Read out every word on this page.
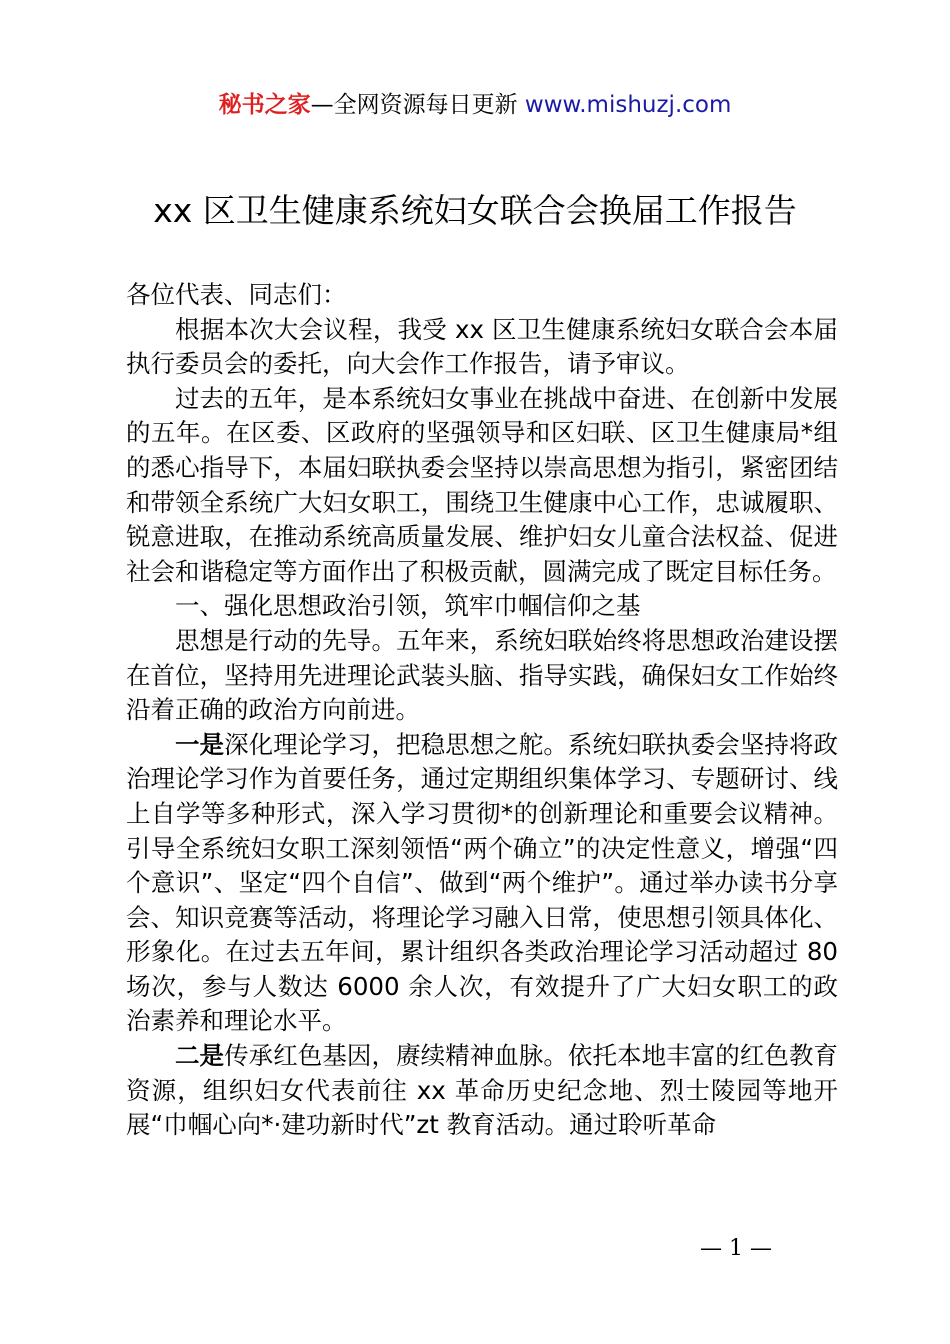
秘书之家—全网资源每日更新 www.mishuzj.com
xx 区卫生健康系统妇女联合会换届工作报告

各位代表、同志们：

根据本次大会议程，我受 xx 区卫生健康系统妇女联合会本届执行委员会的委托，向大会作工作报告，请予审议。

过去的五年，是本系统妇女事业在挑战中奋进、在创新中发展的五年。在区委、区政府的坚强领导和区妇联、区卫生健康局*组的悉心指导下，本届妇联执委会坚持以崇高思想为指引，紧密团结和带领全系统广大妇女职工，围绕卫生健康中心工作，忠诚履职、锐意进取，在推动系统高质量发展、维护妇女儿童合法权益、促进社会和谐稳定等方面作出了积极贡献，圆满完成了既定目标任务。

一、强化思想政治引领，筑牢巾帼信仰之基

思想是行动的先导。五年来，系统妇联始终将思想政治建设摆在首位，坚持用先进理论武装头脑、指导实践，确保妇女工作始终沿着正确的政治方向前进。

一是深化理论学习，把稳思想之舵。系统妇联执委会坚持将政治理论学习作为首要任务，通过定期组织集体学习、专题研讨、线上自学等多种形式，深入学习贯彻*的创新理论和重要会议精神。引导全系统妇女职工深刻领悟“两个确立”的决定性意义，增强“四个意识”、坚定“四个自信”、做到“两个维护”。通过举办读书分享会、知识竞赛等活动，将理论学习融入日常，使思想引领具体化、形象化。在过去五年间，累计组织各类政治理论学习活动超过 80 场次，参与人数达 6000 余人次，有效提升了广大妇女职工的政治素养和理论水平。

二是传承红色基因，赓续精神血脉。依托本地丰富的红色教育资源，组织妇女代表前往 xx 革命历史纪念地、烈士陵园等地开展“巾帼心向*·建功新时代”zt 教育活动。通过聆听革命

— 1 —
